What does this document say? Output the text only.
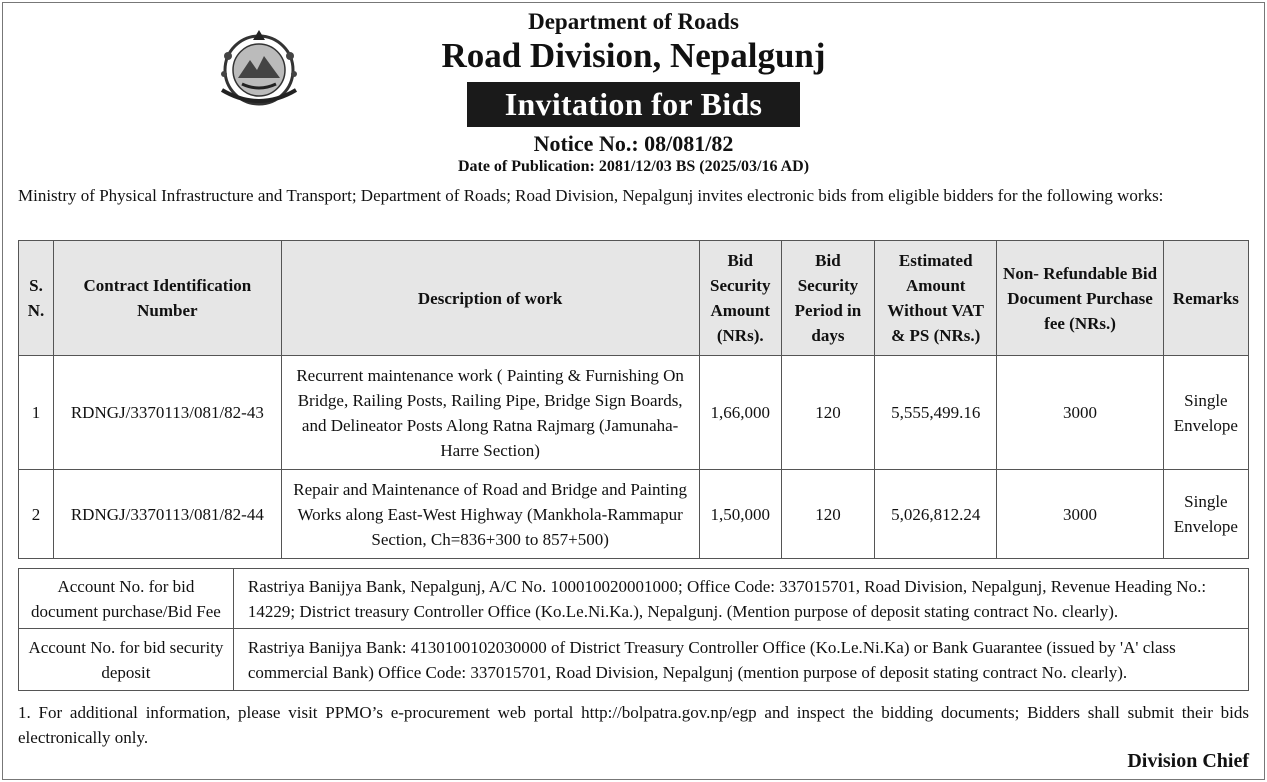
Department of Roads
Road Division, Nepalgunj
Invitation for Bids
Notice No.: 08/081/82
Date of Publication: 2081/12/03 BS (2025/03/16 AD)
Ministry of Physical Infrastructure and Transport; Department of Roads; Road Division, Nepalgunj invites electronic bids from eligible bidders for the following works:
S. N.	Contract Identification Number	Description of work	Bid Security Amount (NRs).	Bid Security Period in days	Estimated Amount Without VAT & PS (NRs.)	Non- Refundable Bid Document Purchase fee (NRs.)	Remarks
1	RDNGJ/3370113/081/82-43	Recurrent maintenance work ( Painting & Furnishing On Bridge, Railing Posts, Railing Pipe, Bridge Sign Boards, and Delineator Posts Along Ratna Rajmarg (Jamunaha-Harre Section)	1,66,000	120	5,555,499.16	3000	Single Envelope
2	RDNGJ/3370113/081/82-44	Repair and Maintenance of Road and Bridge and Painting Works along East-West Highway (Mankhola-Rammapur Section, Ch=836+300 to 857+500)	1,50,000	120	5,026,812.24	3000	Single Envelope
Account No. for bid document purchase/Bid Fee	Rastriya Banijya Bank, Nepalgunj, A/C No. 100010020001000; Office Code: 337015701, Road Division, Nepalgunj, Revenue Heading No.: 14229; District treasury Controller Office (Ko.Le.Ni.Ka.), Nepalgunj. (Mention purpose of deposit stating contract No. clearly).
Account No. for bid security deposit	Rastriya Banijya Bank: 4130100102030000 of District Treasury Controller Office (Ko.Le.Ni.Ka) or Bank Guarantee (issued by 'A' class commercial Bank) Office Code: 337015701, Road Division, Nepalgunj (mention purpose of deposit stating contract No. clearly).
1. For additional information, please visit PPMO’s e-procurement web portal http://bolpatra.gov.np/egp and inspect the bidding documents; Bidders shall submit their bids electronically only.
Division Chief
